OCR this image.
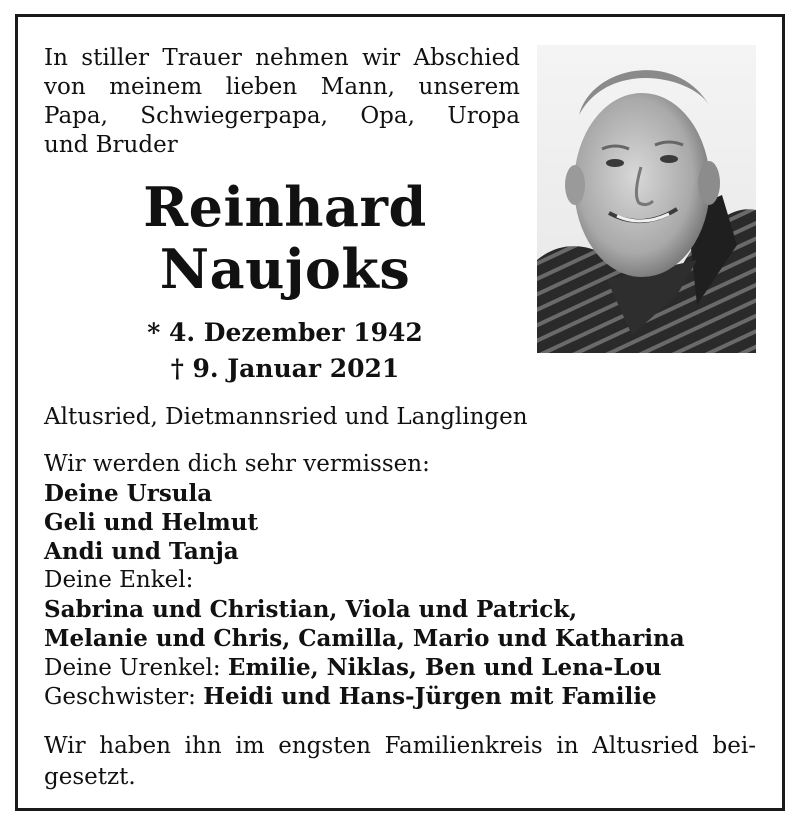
In stiller Trauer nehmen wir Abschied
von meinem lieben Mann, unserem
Papa, Schwiegerpapa, Opa, Uropa
und Bruder
Reinhard
Naujoks
* 4. Dezember 1942
† 9. Januar 2021
Altusried, Dietmannsried und Langlingen
Wir werden dich sehr vermissen:
Deine Ursula
Geli und Helmut
Andi und Tanja
Deine Enkel:
Sabrina und Christian, Viola und Patrick,
Melanie und Chris, Camilla, Mario und Katharina
Deine Urenkel: Emilie, Niklas, Ben und Lena-Lou
Geschwister: Heidi und Hans-Jürgen mit Familie
Wir haben ihn im engsten Familienkreis in Altusried bei-
gesetzt.
